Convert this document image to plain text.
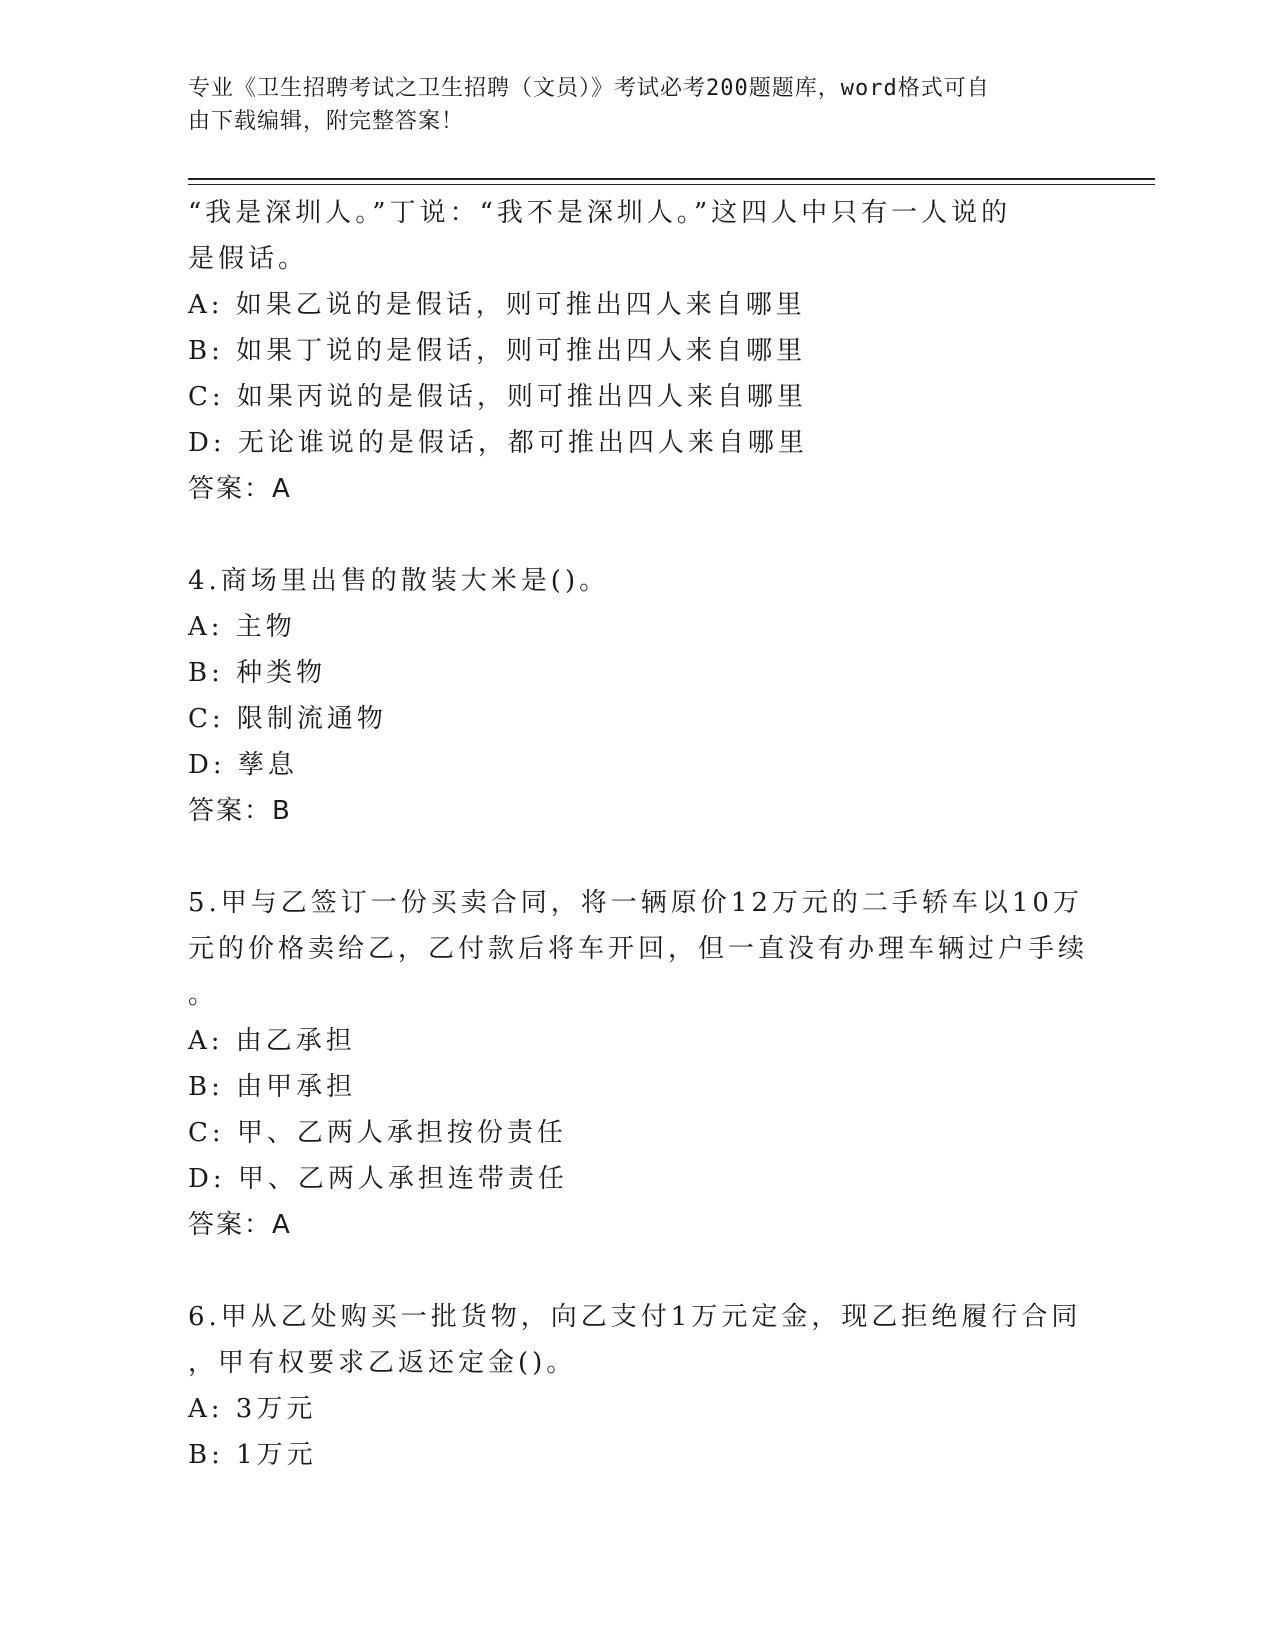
专业《卫生招聘考试之卫生招聘（文员）》考试必考200题题库，word格式可自
由下载编辑，附完整答案！
“我是深圳人。”丁说：“我不是深圳人。”这四人中只有一人说的
是假话。
A: 如果乙说的是假话，则可推出四人来自哪里
B: 如果丁说的是假话，则可推出四人来自哪里
C: 如果丙说的是假话，则可推出四人来自哪里
D: 无论谁说的是假话，都可推出四人来自哪里
答案：A
4.商场里出售的散装大米是()。
A: 主物
B: 种类物
C: 限制流通物
D: 孳息
答案：B
5.甲与乙签订一份买卖合同，将一辆原价12万元的二手轿车以10万
元的价格卖给乙，乙付款后将车开回，但一直没有办理车辆过户手续
。
A: 由乙承担
B: 由甲承担
C: 甲、乙两人承担按份责任
D: 甲、乙两人承担连带责任
答案：A
6.甲从乙处购买一批货物，向乙支付1万元定金，现乙拒绝履行合同
，甲有权要求乙返还定金()。
A: 3万元
B: 1万元
